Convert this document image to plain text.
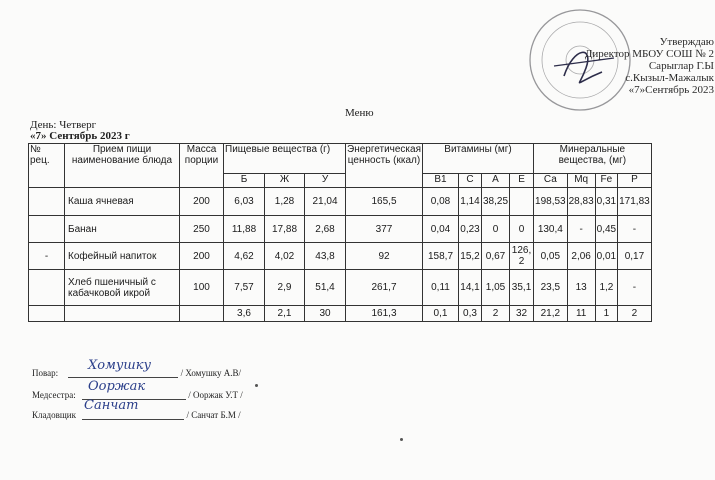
Утверждаю
Директор МБОУ СОШ № 2
Сарыглар Г.Ы
с.Кызыл-Мажалык
«7»Сентябрь 2023
Меню
День: Четверг
«7» Сентябрь 2023 г
№ рец.	Прием пищи наименование блюда	Масса порции	Пищевые вещества (г)			Энергетическая ценность (ккал)	Витамины (мг)				Минеральные вещества, (мг)			
			Б	Ж	У		В1	С	А	Е	Са	Мq	Fe	Р
	Каша ячневая	200	6,03	1,28	21,04	165,5	0,08	1,14	38,25		198,53	28,83	0,31	171,83
	Банан	250	11,88	17,88	2,68	377	0,04	0,23	0	0	130,4	-	0,45	-
-	Кофейный напиток	200	4,62	4,02	43,8	92	158,7	15,2	0,67	126,2	0,05	2,06	0,01	0,17
	Хлеб пшеничный с кабачковой икрой	100	7,57	2,9	51,4	261,7	0,11	14,1	1,05	35,1	23,5	13	1,2	-
			3,6	2,1	30	161,3	0,1	0,3	2	32	21,2	11	1	2
Повар:	/ Хомушку А.В/
Хомушку
Медсестра:	/ Ооржак У.Т /
Ооржак
Кладовщик	/ Санчат Б.М /
Санчат
